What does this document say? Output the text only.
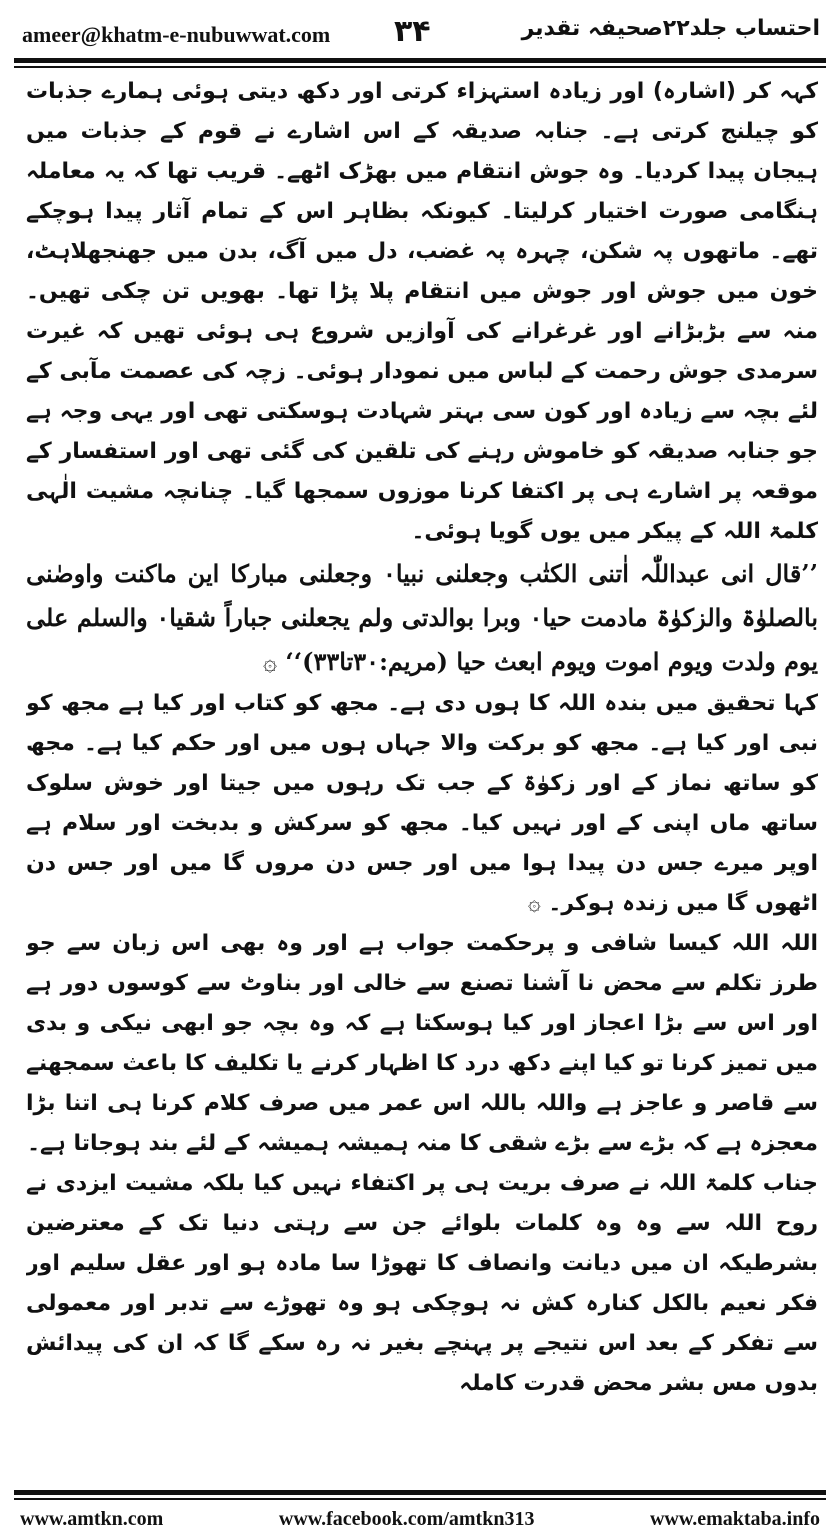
ameer@khatm-e-nubuwwat.com ۳۴	احتساب جلد۲۲صحیفہ تقدیر

کہہ کر (اشارہ) اور زیادہ استہزاء کرتی اور دکھ دیتی ہوئی ہمارے جذبات کو چیلنج کرتی ہے۔ جنابہ صدیقہ کے اس اشارے نے قوم کے جذبات میں ہیجان پیدا کردیا۔ وہ جوش انتقام میں بھڑک اٹھے۔ قریب تھا کہ یہ معاملہ ہنگامی صورت اختیار کرلیتا۔ کیونکہ بظاہر اس کے تمام آثار پیدا ہوچکے تھے۔ ماتھوں پہ شکن، چہرہ پہ غضب، دل میں آگ، بدن میں جھنجھلاہٹ، خون میں جوش اور جوش میں انتقام پلا پڑا تھا۔ بھویں تن چکی تھیں۔ منہ سے بڑبڑانے اور غرغرانے کی آوازیں شروع ہی ہوئی تھیں کہ غیرت سرمدی جوش رحمت کے لباس میں نمودار ہوئی۔ زچہ کی عصمت مآبی کے لئے بچہ سے زیادہ اور کون سی بہتر شہادت ہوسکتی تھی اور یہی وجہ ہے جو جنابہ صدیقہ کو خاموش رہنے کی تلقین کی گئی تھی اور استفسار کے موقعہ پر اشارے ہی پر اکتفا کرنا موزوں سمجھا گیا۔ چنانچہ مشیت الٰہی کلمۃ اللہ کے پیکر میں یوں گویا ہوئی۔

’’قال انی عبداللّٰہ اٰتنی الکتٰب وجعلنی نبیا۰ وجعلنی مبارکا این ماکنت واوصٰنی بالصلوٰۃ والزکوٰۃ مادمت حیا۰ وبرا بوالدتی ولم یجعلنی جباراً شقیا۰ والسلم علی یوم ولدت ویوم اموت ویوم ابعث حیا (مریم:۳۰تا۳۳)‘‘ ۞

کہا تحقیق میں بندہ اللہ کا ہوں دی ہے۔ مجھ کو کتاب اور کیا ہے مجھ کو نبی اور کیا ہے۔ مجھ کو برکت والا جہاں ہوں میں اور حکم کیا ہے۔ مجھ کو ساتھ نماز کے اور زکوٰۃ کے جب تک رہوں میں جیتا اور خوش سلوک ساتھ ماں اپنی کے اور نہیں کیا۔ مجھ کو سرکش و بدبخت اور سلام ہے اوپر میرے جس دن پیدا ہوا میں اور جس دن مروں گا میں اور جس دن اٹھوں گا میں زندہ ہوکر۔ ۞

اللہ اللہ کیسا شافی و پرحکمت جواب ہے اور وہ بھی اس زبان سے جو طرز تکلم سے محض نا آشنا تصنع سے خالی اور بناوٹ سے کوسوں دور ہے اور اس سے بڑا اعجاز اور کیا ہوسکتا ہے کہ وہ بچہ جو ابھی نیکی و بدی میں تمیز کرنا تو کیا اپنے دکھ درد کا اظہار کرنے یا تکلیف کا باعث سمجھنے سے قاصر و عاجز ہے واللہ باللہ اس عمر میں صرف کلام کرنا ہی اتنا بڑا معجزہ ہے کہ بڑے سے بڑے شقی کا منہ ہمیشہ ہمیشہ کے لئے بند ہوجاتا ہے۔

جناب کلمۃ اللہ نے صرف بریت ہی پر اکتفاء نہیں کیا بلکہ مشیت ایزدی نے روح اللہ سے وہ وہ کلمات بلوائے جن سے رہتی دنیا تک کے معترضین بشرطیکہ ان میں دیانت وانصاف کا تھوڑا سا مادہ ہو اور عقل سلیم اور فکر نعیم بالکل کنارہ کش نہ ہوچکی ہو وہ تھوڑے سے تدبر اور معمولی سے تفکر کے بعد اس نتیجے پر پہنچے بغیر نہ رہ سکے گا کہ ان کی پیدائش بدوں مس بشر محض قدرت کاملہ

www.amtkn.com	www.facebook.com/amtkn313	www.emaktaba.info
